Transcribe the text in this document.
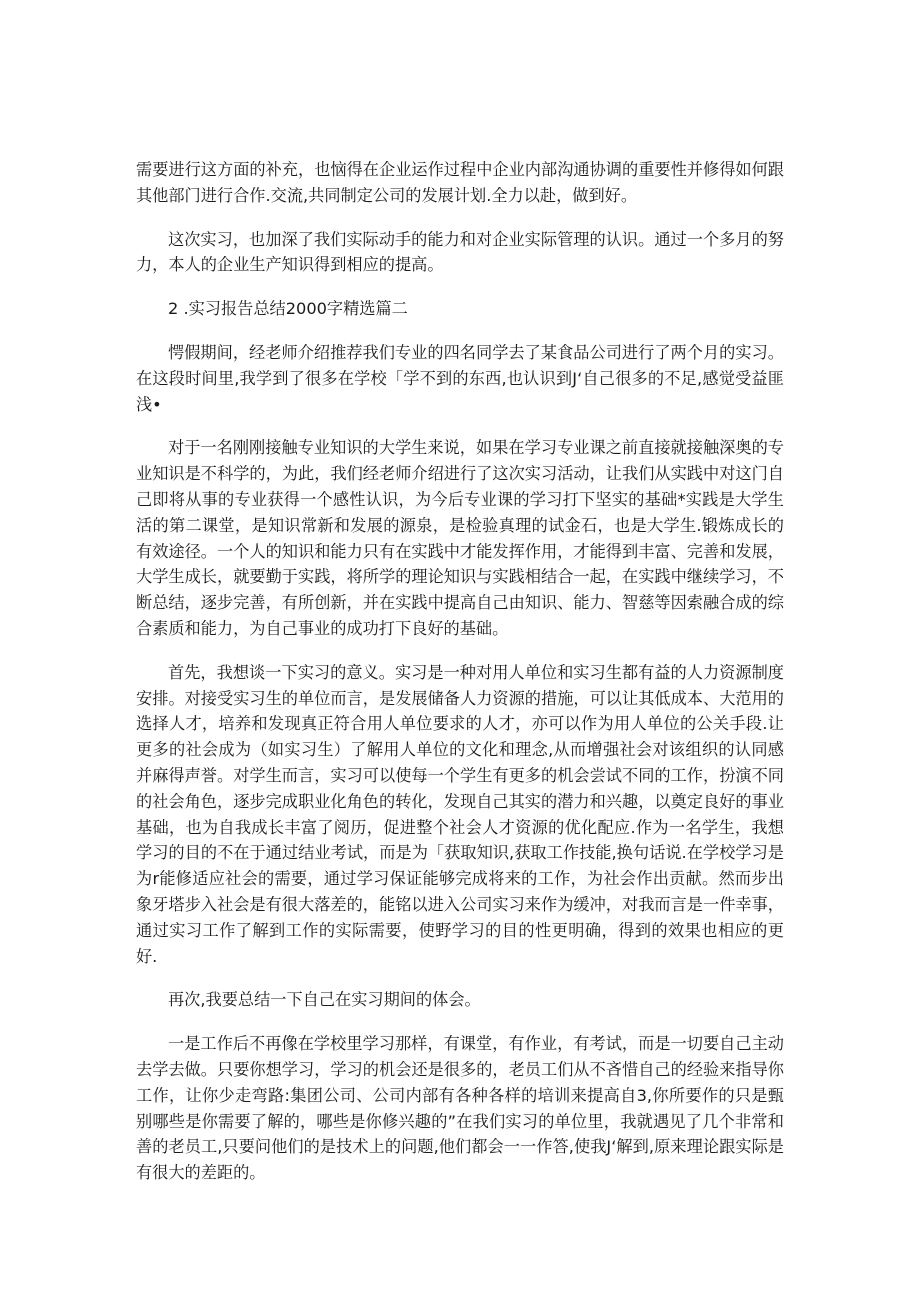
需要进行这方面的补充，也恼得在企业运作过程中企业内部沟通协调的重要性并修得如何跟其他部门进行合作.交流,共同制定公司的发展计划.全力以赴，做到好。

这次实习，也加深了我们实际动手的能力和对企业实际管理的认识。通过一个多月的努力，本人的企业生产知识得到相应的提高。

2 .实习报告总结2000字精选篇二

愕假期间，经老师介绍推荐我们专业的四名同学去了某食品公司进行了两个月的实习。在这段时间里,我学到了很多在学校「学不到的东西,也认识到J‘自己很多的不足,感觉受益匪浅•

对于一名刚刚接触专业知识的大学生来说，如果在学习专业课之前直接就接触深奥的专业知识是不科学的，为此，我们经老师介绍进行了这次实习活动，让我们从实践中对这门自己即将从事的专业获得一个感性认识，为今后专业课的学习打下坚实的基础*实践是大学生活的第二课堂，是知识常新和发展的源泉，是检验真理的试金石，也是大学生.锻炼成长的有效途径。一个人的知识和能力只有在实践中才能发挥作用，才能得到丰富、完善和发展，大学生成长，就要勤于实践，将所学的理论知识与实践相结合一起，在实践中继续学习，不断总结，逐步完善，有所创新，并在实践中提高自己由知识、能力、智慈等因索融合成的综合素质和能力，为自己事业的成功打下良好的基础。

首先，我想谈一下实习的意义。实习是一种对用人单位和实习生都有益的人力资源制度安排。对接受实习生的单位而言，是发展储备人力资源的措施，可以让其低成本、大范用的选择人才，培养和发现真正符合用人单位要求的人才，亦可以作为用人单位的公关手段.让更多的社会成为（如实习生）了解用人单位的文化和理念,从而增强社会对该组织的认同感并麻得声誉。对学生而言，实习可以使每一个学生有更多的机会尝试不同的工作，扮演不同的社会角色，逐步完成职业化角色的转化，发现自己其实的潜力和兴趣，以奠定良好的事业基础，也为自我成长丰富了阅历，促进整个社会人才资源的优化配应.作为一名学生，我想学习的目的不在于通过结业考试，而是为「获取知识,获取工作技能,换句话说.在学校学习是为r能修适应社会的需要，通过学习保证能够完成将来的工作，为社会作出贡献。然而步出象牙塔步入社会是有很大落差的，能铭以进入公司实习来作为缓冲，对我而言是一件幸事，通过实习工作了解到工作的实际需要，使野学习的目的性更明确，得到的效果也相应的更好.

再次,我要总结一下自己在实习期间的体会。

一是工作后不再像在学校里学习那样，有课堂，有作业，有考试，而是一切要自己主动去学去做。只要你想学习，学习的机会还是很多的，老员工们从不吝惜自己的经验来指导你工作，让你少走弯路:集团公司、公司内部有各种各样的培训来提高自3,你所要作的只是甄别哪些是你需要了解的，哪些是你修兴趣的”在我们实习的单位里，我就遇见了几个非常和善的老员工,只要问他们的是技术上的问题,他们都会一一作答,使我J‘解到,原来理论跟实际是有很大的差距的。
